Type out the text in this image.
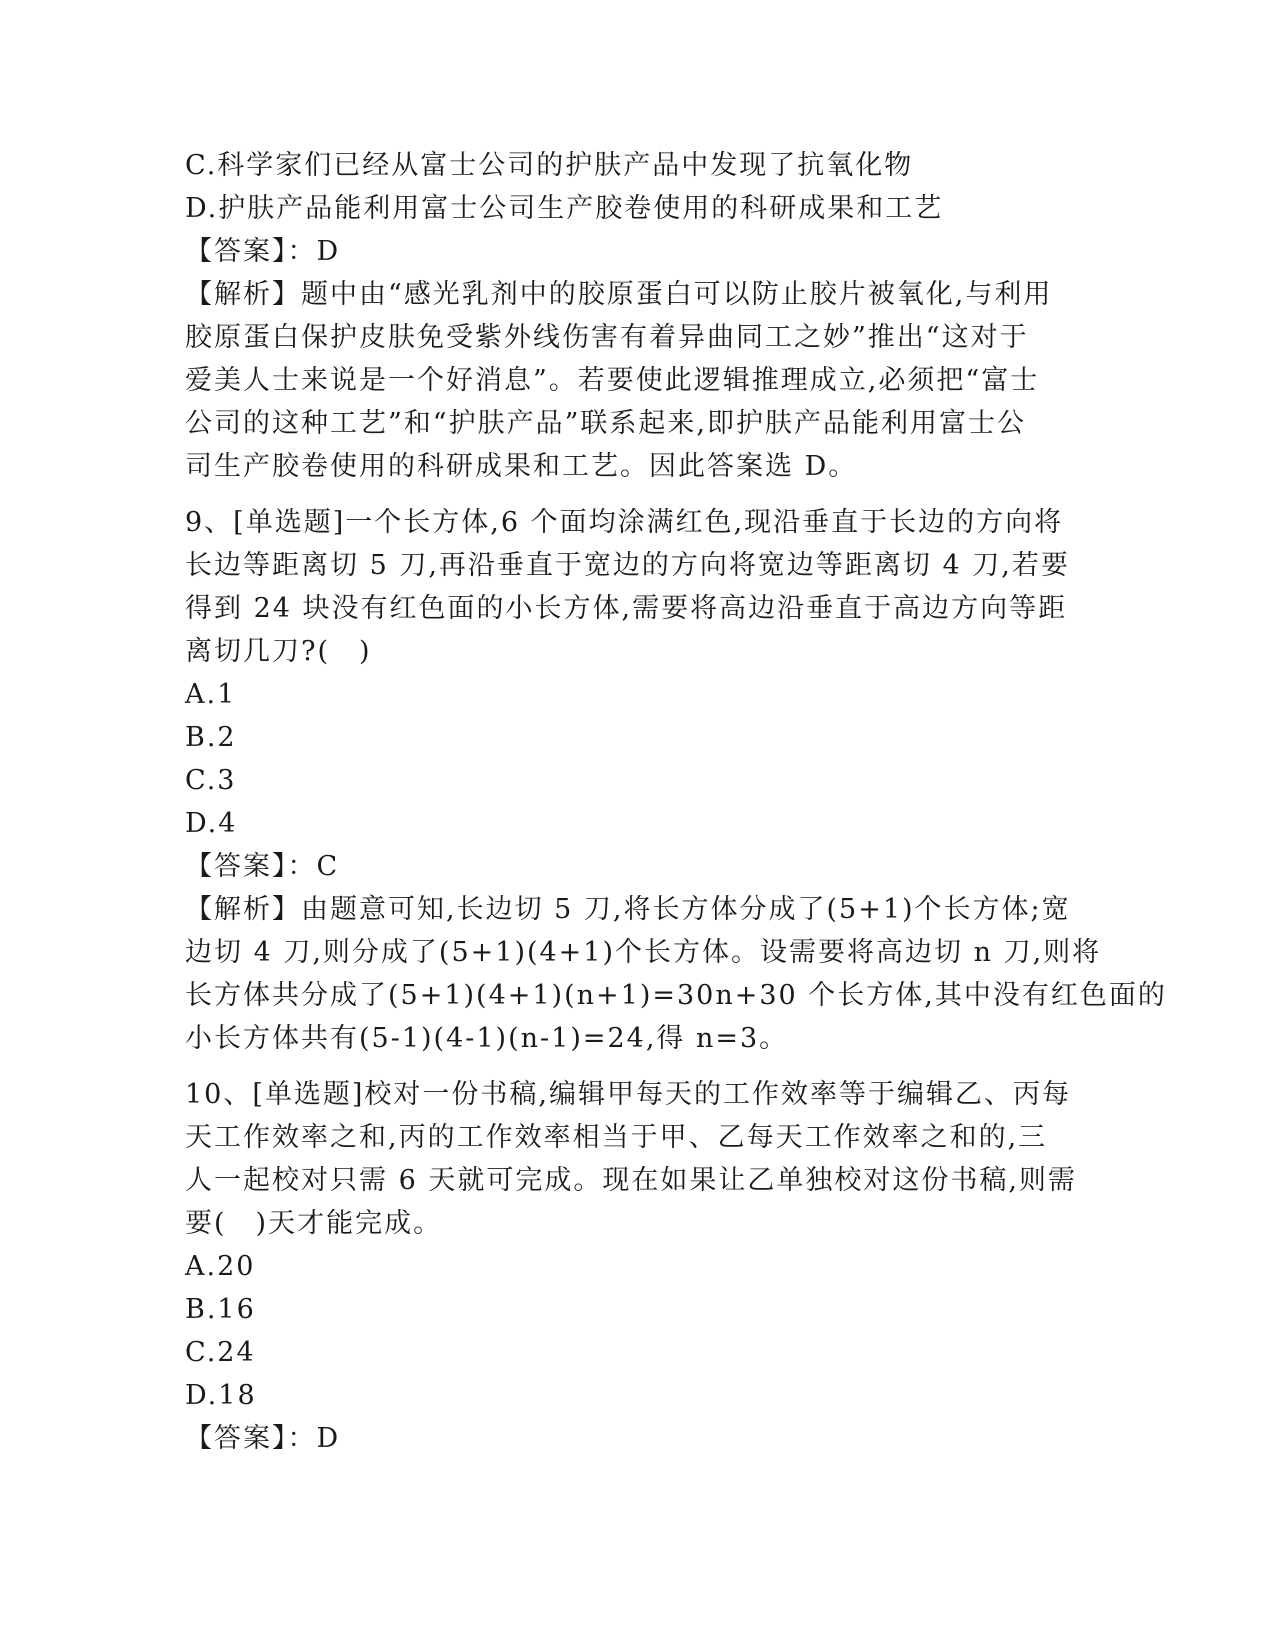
C.科学家们已经从富士公司的护肤产品中发现了抗氧化物
D.护肤产品能利用富士公司生产胶卷使用的科研成果和工艺
【答案】：D
【解析】题中由“感光乳剂中的胶原蛋白可以防止胶片被氧化,与利用
胶原蛋白保护皮肤免受紫外线伤害有着异曲同工之妙”推出“这对于
爱美人士来说是一个好消息”。若要使此逻辑推理成立,必须把“富士
公司的这种工艺”和“护肤产品”联系起来,即护肤产品能利用富士公
司生产胶卷使用的科研成果和工艺。因此答案选 D。
9、[单选题]一个长方体,6 个面均涂满红色,现沿垂直于长边的方向将
长边等距离切 5 刀,再沿垂直于宽边的方向将宽边等距离切 4 刀,若要
得到 24 块没有红色面的小长方体,需要将高边沿垂直于高边方向等距
离切几刀?(　)
A.1
B.2
C.3
D.4
【答案】：C
【解析】由题意可知,长边切 5 刀,将长方体分成了(5+1)个长方体;宽
边切 4 刀,则分成了(5+1)(4+1)个长方体。设需要将高边切 n 刀,则将
长方体共分成了(5+1)(4+1)(n+1)=30n+30 个长方体,其中没有红色面的
小长方体共有(5-1)(4-1)(n-1)=24,得 n=3。
10、[单选题]校对一份书稿,编辑甲每天的工作效率等于编辑乙、丙每
天工作效率之和,丙的工作效率相当于甲、乙每天工作效率之和的,三
人一起校对只需 6 天就可完成。现在如果让乙单独校对这份书稿,则需
要(　)天才能完成。
A.20
B.16
C.24
D.18
【答案】：D
